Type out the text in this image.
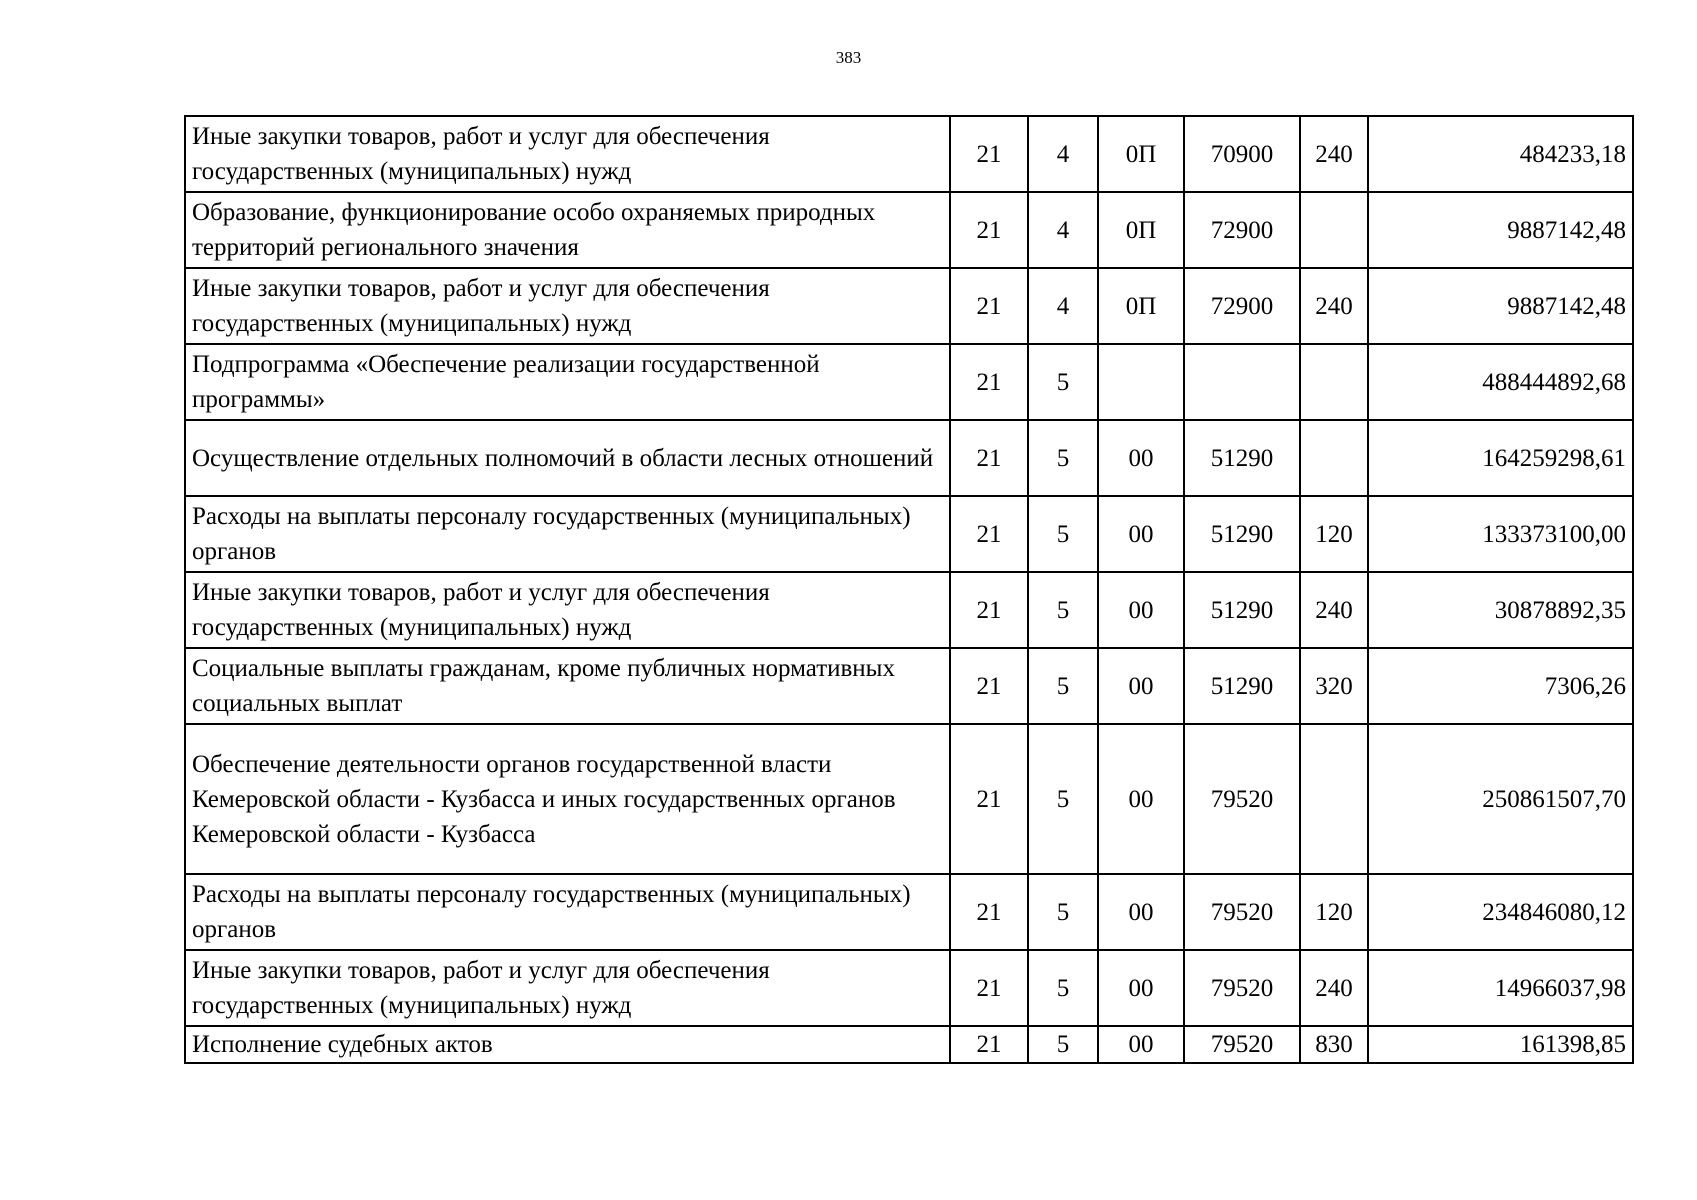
383
Иные закупки товаров, работ и услуг для обеспечения государственных (муниципальных) нужд	21	4	0П	70900	240	484233,18
Образование, функционирование особо охраняемых природных территорий регионального значения	21	4	0П	72900		9887142,48
Иные закупки товаров, работ и услуг для обеспечения государственных (муниципальных) нужд	21	4	0П	72900	240	9887142,48
Подпрограмма «Обеспечение реализации государственной программы»	21	5				488444892,68
Осуществление отдельных полномочий в области лесных отношений	21	5	00	51290		164259298,61
Расходы на выплаты персоналу государственных (муниципальных) органов	21	5	00	51290	120	133373100,00
Иные закупки товаров, работ и услуг для обеспечения государственных (муниципальных) нужд	21	5	00	51290	240	30878892,35
Социальные выплаты гражданам, кроме публичных нормативных социальных выплат	21	5	00	51290	320	7306,26
Обеспечение деятельности органов государственной власти Кемеровской области - Кузбасса и иных государственных органов Кемеровской области - Кузбасса	21	5	00	79520		250861507,70
Расходы на выплаты персоналу государственных (муниципальных) органов	21	5	00	79520	120	234846080,12
Иные закупки товаров, работ и услуг для обеспечения государственных (муниципальных) нужд	21	5	00	79520	240	14966037,98
Исполнение судебных актов	21	5	00	79520	830	161398,85
